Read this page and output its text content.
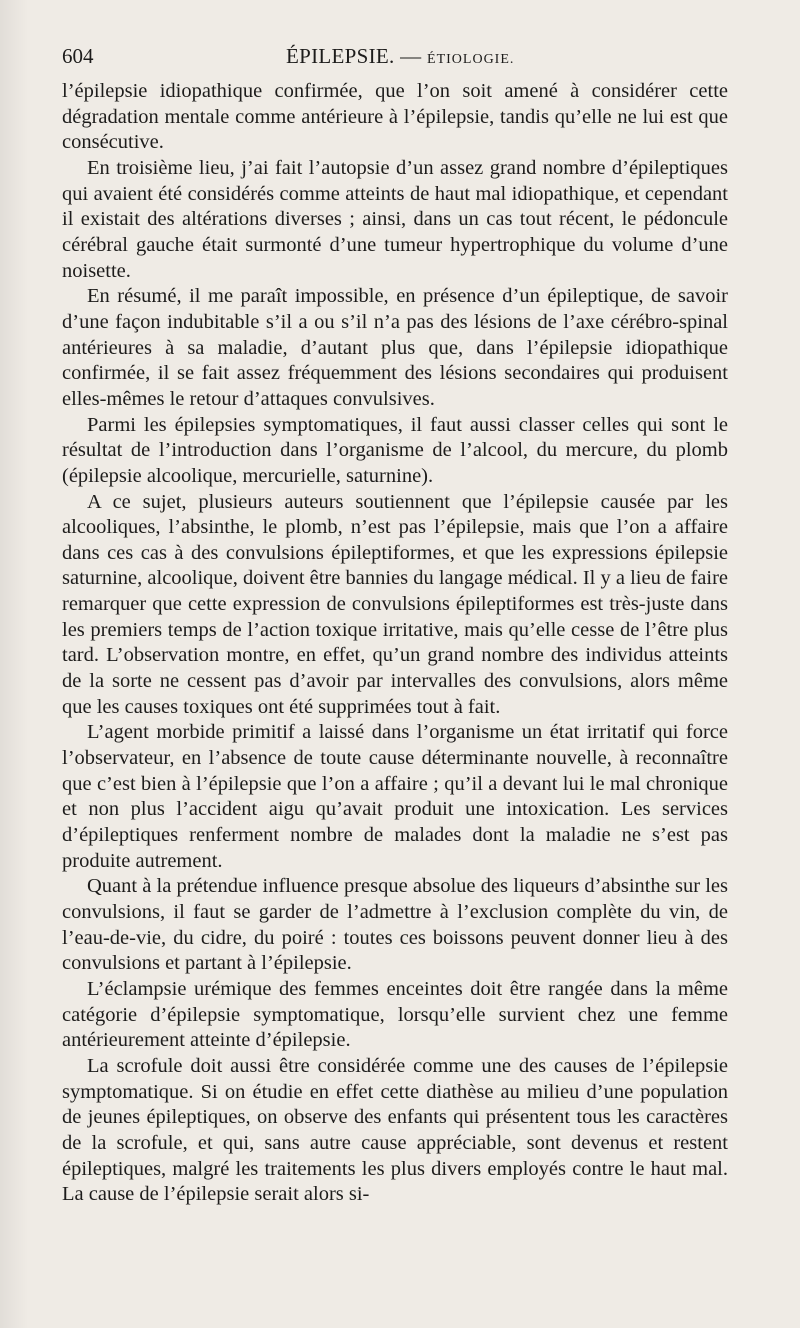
604	ÉPILEPSIE. — ÉTIOLOGIE.

l’épilepsie idiopathique confirmée, que l’on soit amené à considérer cette dégradation mentale comme antérieure à l’épilepsie, tandis qu’elle ne lui est que consécutive.

En troisième lieu, j’ai fait l’autopsie d’un assez grand nombre d’épileptiques qui avaient été considérés comme atteints de haut mal idiopathique, et cependant il existait des altérations diverses ; ainsi, dans un cas tout récent, le pédoncule cérébral gauche était surmonté d’une tumeur hypertrophique du volume d’une noisette.

En résumé, il me paraît impossible, en présence d’un épileptique, de savoir d’une façon indubitable s’il a ou s’il n’a pas des lésions de l’axe cérébro-spinal antérieures à sa maladie, d’autant plus que, dans l’épilepsie idiopathique confirmée, il se fait assez fréquemment des lésions secondaires qui produisent elles-mêmes le retour d’attaques convulsives.

Parmi les épilepsies symptomatiques, il faut aussi classer celles qui sont le résultat de l’introduction dans l’organisme de l’alcool, du mercure, du plomb (épilepsie alcoolique, mercurielle, saturnine).

A ce sujet, plusieurs auteurs soutiennent que l’épilepsie causée par les alcooliques, l’absinthe, le plomb, n’est pas l’épilepsie, mais que l’on a affaire dans ces cas à des convulsions épileptiformes, et que les expressions épilepsie saturnine, alcoolique, doivent être bannies du langage médical. Il y a lieu de faire remarquer que cette expression de convulsions épileptiformes est très-juste dans les premiers temps de l’action toxique irritative, mais qu’elle cesse de l’être plus tard. L’observation montre, en effet, qu’un grand nombre des individus atteints de la sorte ne cessent pas d’avoir par intervalles des convulsions, alors même que les causes toxiques ont été supprimées tout à fait.

L’agent morbide primitif a laissé dans l’organisme un état irritatif qui force l’observateur, en l’absence de toute cause déterminante nouvelle, à reconnaître que c’est bien à l’épilepsie que l’on a affaire ; qu’il a devant lui le mal chronique et non plus l’accident aigu qu’avait produit une intoxication. Les services d’épileptiques renferment nombre de malades dont la maladie ne s’est pas produite autrement.

Quant à la prétendue influence presque absolue des liqueurs d’absinthe sur les convulsions, il faut se garder de l’admettre à l’exclusion complète du vin, de l’eau-de-vie, du cidre, du poiré : toutes ces boissons peuvent donner lieu à des convulsions et partant à l’épilepsie.

L’éclampsie urémique des femmes enceintes doit être rangée dans la même catégorie d’épilepsie symptomatique, lorsqu’elle survient chez une femme antérieurement atteinte d’épilepsie.

La scrofule doit aussi être considérée comme une des causes de l’épilepsie symptomatique. Si on étudie en effet cette diathèse au milieu d’une population de jeunes épileptiques, on observe des enfants qui présentent tous les caractères de la scrofule, et qui, sans autre cause appréciable, sont devenus et restent épileptiques, malgré les traitements les plus divers employés contre le haut mal. La cause de l’épilepsie serait alors si-
